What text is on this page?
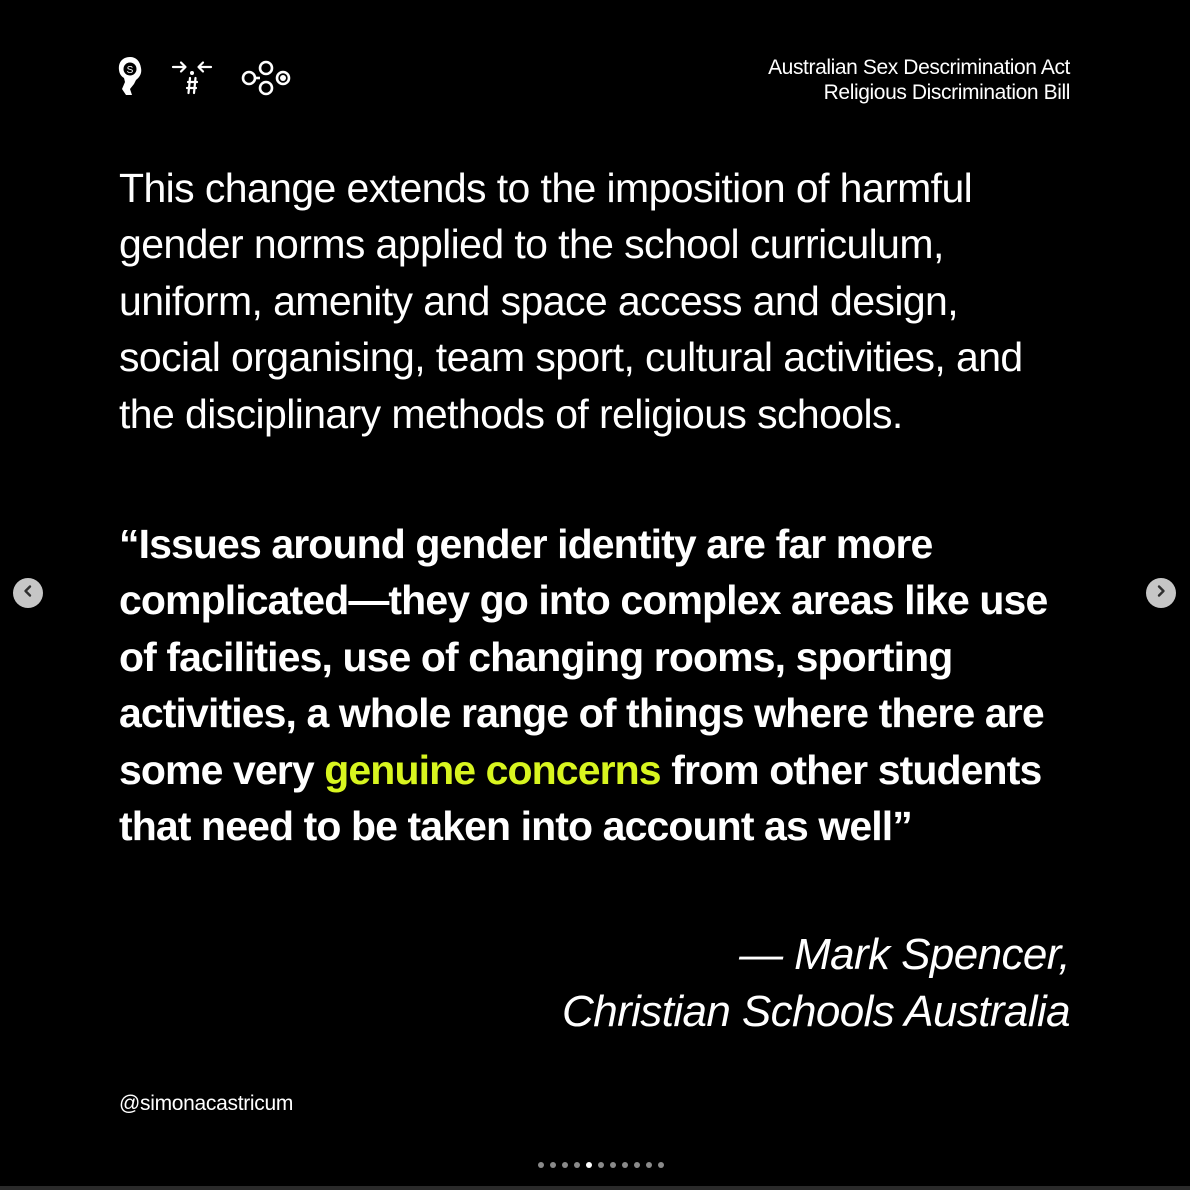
S	Australian Sex Descrimination Act
Religious Discrimination Bill

This change extends to the imposition of harmful gender norms applied to the school curriculum, uniform, amenity and space access and design, social organising, team sport, cultural activities, and the disciplinary methods of religious schools.

“Issues around gender identity are far more complicated—they go into complex areas like use of facilities, use of changing rooms, sporting activities, a whole range of things where there are some very genuine concerns from other students that need to be taken into account as well”

— Mark Spencer,
Christian Schools Australia
@simonacastricum
